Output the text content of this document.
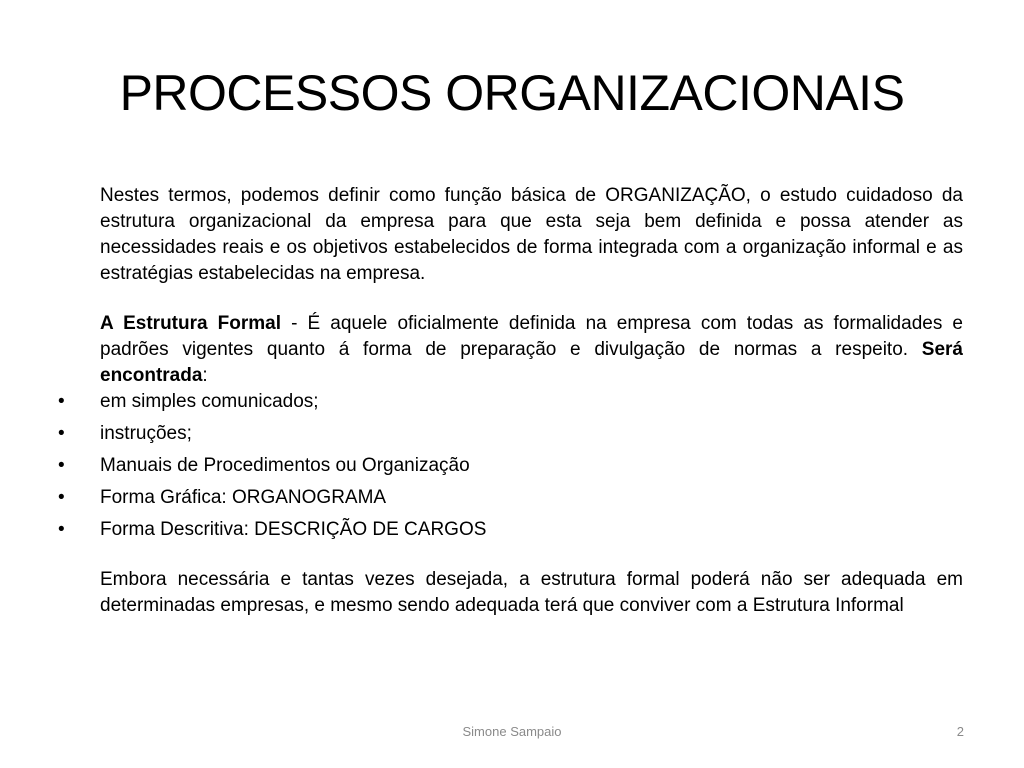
PROCESSOS ORGANIZACIONAIS

Nestes termos, podemos definir como função básica de ORGANIZAÇÃO, o estudo cuidadoso da estrutura organizacional da empresa para que esta seja bem definida e possa atender as necessidades reais e os objetivos estabelecidos de forma integrada com a organização informal e as estratégias estabelecidas na empresa.

A Estrutura Formal - É aquele oficialmente definida na empresa com todas as formalidades e padrões vigentes quanto á forma de preparação e divulgação de normas a respeito. Será encontrada:

• em simples comunicados;
• instruções;
• Manuais de Procedimentos ou Organização
• Forma Gráfica: ORGANOGRAMA
• Forma Descritiva: DESCRIÇÃO DE CARGOS

Embora necessária e tantas vezes desejada, a estrutura formal poderá não ser adequada em determinadas empresas, e mesmo sendo adequada terá que conviver com a Estrutura Informal

Simone Sampaio	2
